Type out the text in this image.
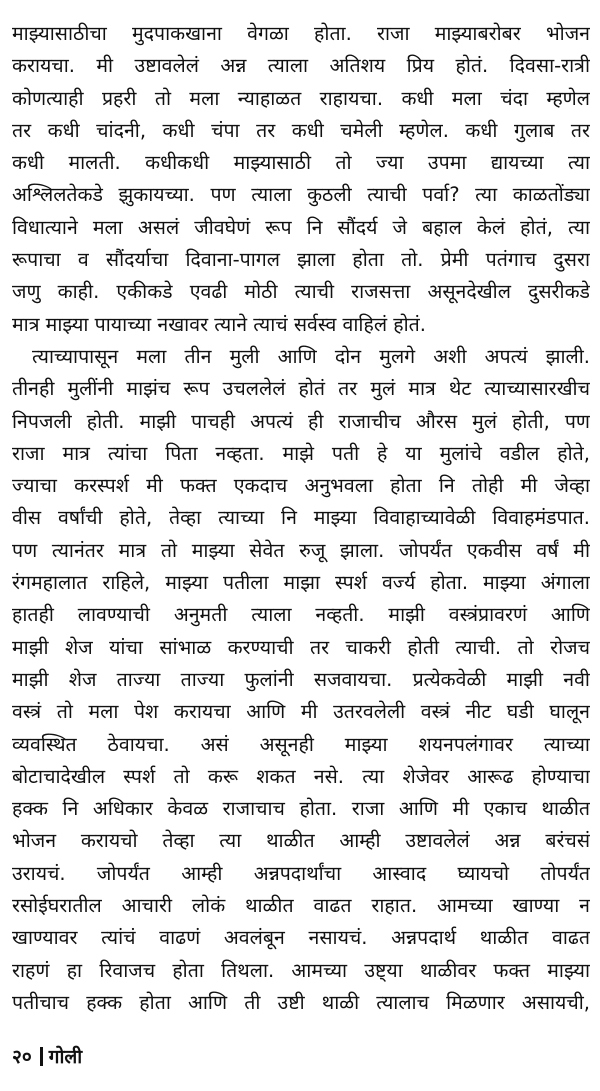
माझ्यासाठीचा मुदपाकखाना वेगळा होता. राजा माझ्याबरोबर भोजन
करायचा. मी उष्टावलेलं अन्न त्याला अतिशय प्रिय होतं. दिवसा-रात्री
कोणत्याही प्रहरी तो मला न्याहाळत राहायचा. कधी मला चंदा म्हणेल
तर कधी चांदनी, कधी चंपा तर कधी चमेली म्हणेल. कधी गुलाब तर
कधी मालती. कधीकधी माझ्यासाठी तो ज्या उपमा द्यायच्या त्या
अश्लिलतेकडे झुकायच्या. पण त्याला कुठली त्याची पर्वा? त्या काळतोंड्या
विधात्याने मला असलं जीवघेणं रूप नि सौंदर्य जे बहाल केलं होतं, त्या
रूपाचा व सौंदर्याचा दिवाना-पागल झाला होता तो. प्रेमी पतंगाच दुसरा
जणु काही. एकीकडे एवढी मोठी त्याची राजसत्ता असूनदेखील दुसरीकडे
मात्र माझ्या पायाच्या नखावर त्याने त्याचं सर्वस्व वाहिलं होतं.
त्याच्यापासून मला तीन मुली आणि दोन मुलगे अशी अपत्यं झाली.
तीनही मुलींनी माझंच रूप उचललेलं होतं तर मुलं मात्र थेट त्याच्यासारखीच
निपजली होती. माझी पाचही अपत्यं ही राजाचीच औरस मुलं होती, पण
राजा मात्र त्यांचा पिता नव्हता. माझे पती हे या मुलांचे वडील होते,
ज्याचा करस्पर्श मी फक्त एकदाच अनुभवला होता नि तोही मी जेव्हा
वीस वर्षांची होते, तेव्हा त्याच्या नि माझ्या विवाहाच्यावेळी विवाहमंडपात.
पण त्यानंतर मात्र तो माझ्या सेवेत रुजू झाला. जोपर्यंत एकवीस वर्षं मी
रंगमहालात राहिले, माझ्या पतीला माझा स्पर्श वर्ज्य होता. माझ्या अंगाला
हातही लावण्याची अनुमती त्याला नव्हती. माझी वस्त्रंप्रावरणं आणि
माझी शेज यांचा सांभाळ करण्याची तर चाकरी होती त्याची. तो रोजच
माझी शेज ताज्या ताज्या फुलांनी सजवायचा. प्रत्येकवेळी माझी नवी
वस्त्रं तो मला पेश करायचा आणि मी उतरवलेली वस्त्रं नीट घडी घालून
व्यवस्थित ठेवायचा. असं असूनही माझ्या शयनपलंगावर त्याच्या
बोटाचादेखील स्पर्श तो करू शकत नसे. त्या शेजेवर आरूढ होण्याचा
हक्क नि अधिकार केवळ राजाचाच होता. राजा आणि मी एकाच थाळीत
भोजन करायचो तेव्हा त्या थाळीत आम्ही उष्टावलेलं अन्न बरंचसं
उरायचं. जोपर्यंत आम्ही अन्नपदार्थांचा आस्वाद घ्यायचो तोपर्यंत
रसोईघरातील आचारी लोकं थाळीत वाढत राहात. आमच्या खाण्या न
खाण्यावर त्यांचं वाढणं अवलंबून नसायचं. अन्नपदार्थ थाळीत वाढत
राहणं हा रिवाजच होता तिथला. आमच्या उष्ट्या थाळीवर फक्त माझ्या
पतीचाच हक्क होता आणि ती उष्टी थाळी त्यालाच मिळणार असायची,
२० गोली
